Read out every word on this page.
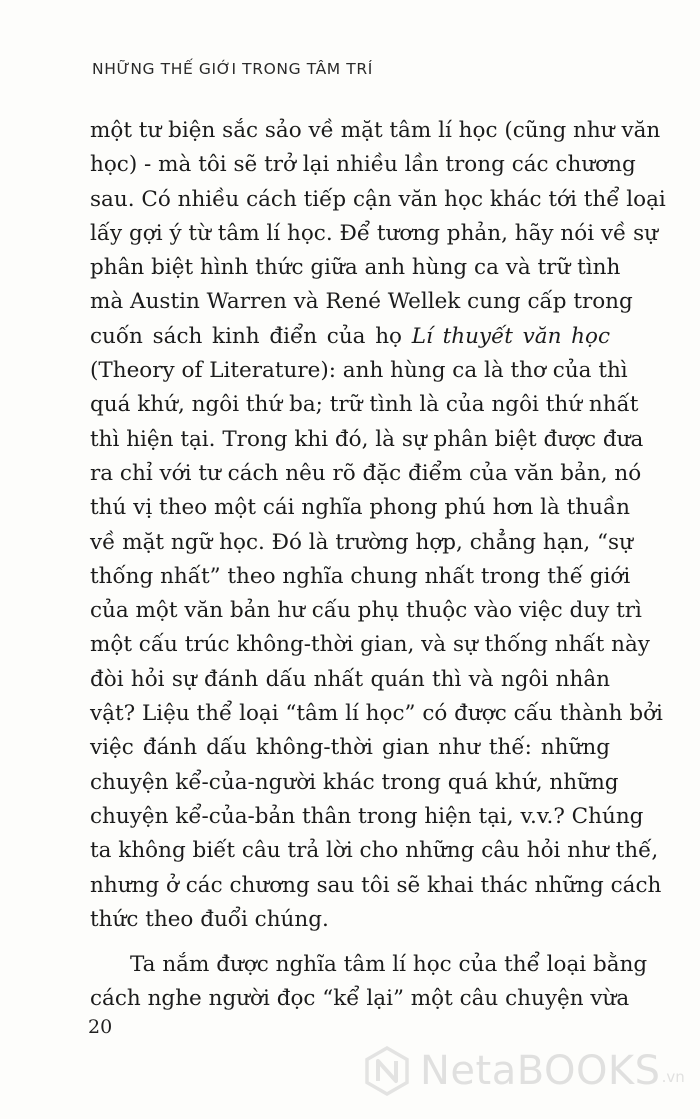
NHỮNG THẾ GIỚI TRONG TÂM TRÍ
một tư biện sắc sảo về mặt tâm lí học (cũng như văn
học) - mà tôi sẽ trở lại nhiều lần trong các chương
sau. Có nhiều cách tiếp cận văn học khác tới thể loại
lấy gợi ý từ tâm lí học. Để tương phản, hãy nói về sự
phân biệt hình thức giữa anh hùng ca và trữ tình
mà Austin Warren và René Wellek cung cấp trong
cuốn sách kinh điển của họ Lí thuyết văn học
(Theory of Literature): anh hùng ca là thơ của thì
quá khứ, ngôi thứ ba; trữ tình là của ngôi thứ nhất
thì hiện tại. Trong khi đó, là sự phân biệt được đưa
ra chỉ với tư cách nêu rõ đặc điểm của văn bản, nó
thú vị theo một cái nghĩa phong phú hơn là thuần
về mặt ngữ học. Đó là trường hợp, chẳng hạn, “sự
thống nhất” theo nghĩa chung nhất trong thế giới
của một văn bản hư cấu phụ thuộc vào việc duy trì
một cấu trúc không-thời gian, và sự thống nhất này
đòi hỏi sự đánh dấu nhất quán thì và ngôi nhân
vật? Liệu thể loại “tâm lí học” có được cấu thành bởi
việc đánh dấu không-thời gian như thế: những
chuyện kể-của-người khác trong quá khứ, những
chuyện kể-của-bản thân trong hiện tại, v.v.? Chúng
ta không biết câu trả lời cho những câu hỏi như thế,
nhưng ở các chương sau tôi sẽ khai thác những cách
thức theo đuổi chúng.
Ta nắm được nghĩa tâm lí học của thể loại bằng
cách nghe người đọc “kể lại” một câu chuyện vừa
20
NetaBOOKS .vn
